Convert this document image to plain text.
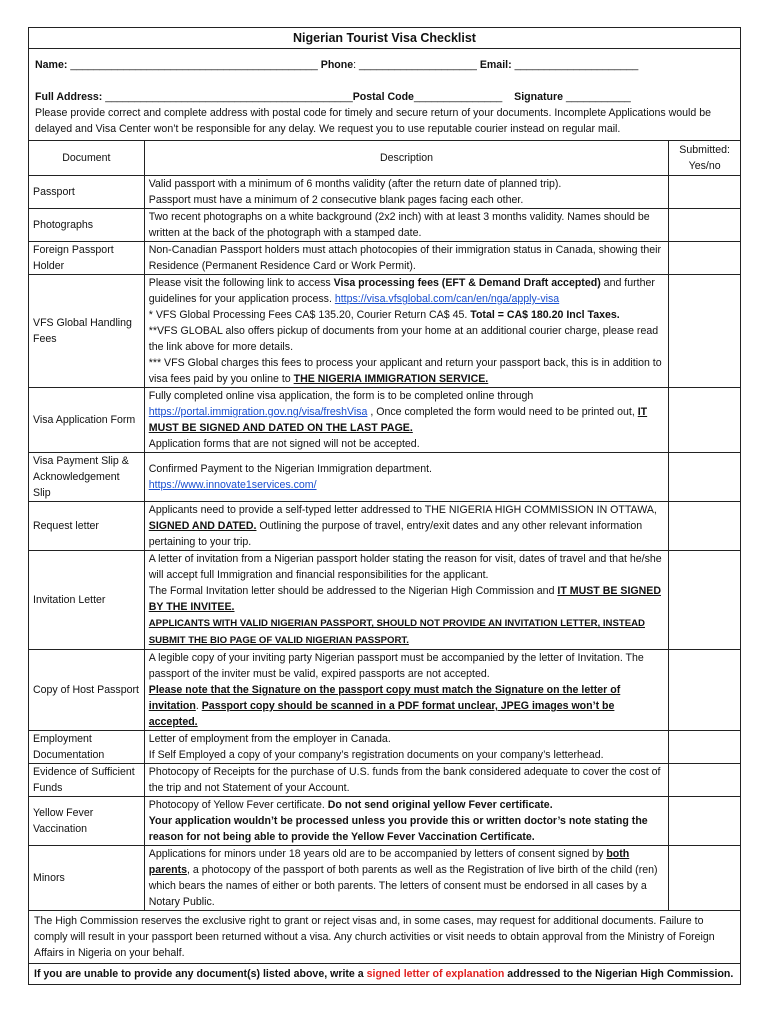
Nigerian Tourist Visa Checklist		

Name: __________________________________________ Phone: ____________________ Email: _____________________
Full Address: __________________________________________Postal Code_______________ Signature ___________
Please provide correct and complete address with postal code for timely and secure return of your documents. Incomplete Applications would be delayed and Visa Center won’t be responsible for any delay. We request you to use reputable courier instead on regular mail.		

Document	Description	Submitted: Yes/no
Passport	Valid passport with a minimum of 6 months validity (after the return date of planned trip).

Passport must have a minimum of 2 consecutive blank pages facing each other.	

Photographs	Two recent photographs on a white background (2x2 inch) with at least 3 months validity. Names should be written at the back of the photograph with a stamped date.	
Foreign Passport Holder	Non-Canadian Passport holders must attach photocopies of their immigration status in Canada, showing their Residence (Permanent Residence Card or Work Permit).	
VFS Global Handling Fees	Please visit the following link to access Visa processing fees (EFT & Demand Draft accepted) and further guidelines for your application process. https://visa.vfsglobal.com/can/en/nga/apply-visa

* VFS Global Processing Fees CA$ 135.20, Courier Return CA$ 45. Total = CA$ 180.20 Incl Taxes.

**VFS GLOBAL also offers pickup of documents from your home at an additional courier charge, please read the link above for more details.

*** VFS Global charges this fees to process your applicant and return your passport back, this is in addition to visa fees paid by you online to THE NIGERIA IMMIGRATION SERVICE.	

Visa Application Form	Fully completed online visa application, the form is to be completed online through

https://portal.immigration.gov.ng/visa/freshVisa , Once completed the form would need to be printed out, IT MUST BE SIGNED AND DATED ON THE LAST PAGE.

Application forms that are not signed will not be accepted.	

Visa Payment Slip & Acknowledgement Slip	Confirmed Payment to the Nigerian Immigration department.

https://www.innovate1services.com/	

Request letter	Applicants need to provide a self-typed letter addressed to THE NIGERIA HIGH COMMISSION IN OTTAWA, SIGNED AND DATED. Outlining the purpose of travel, entry/exit dates and any other relevant information pertaining to your trip.	

Invitation Letter	A letter of invitation from a Nigerian passport holder stating the reason for visit, dates of travel and that he/she will accept full Immigration and financial responsibilities for the applicant.

The Formal Invitation letter should be addressed to the Nigerian High Commission and IT MUST BE SIGNED BY THE INVITEE.

APPLICANTS WITH VALID NIGERIAN PASSPORT, SHOULD NOT PROVIDE AN INVITATION LETTER, INSTEAD SUBMIT THE BIO PAGE OF VALID NIGERIAN PASSPORT.	

Copy of Host Passport	A legible copy of your inviting party Nigerian passport must be accompanied by the letter of Invitation. The passport of the inviter must be valid, expired passports are not accepted.

Please note that the Signature on the passport copy must match the Signature on the letter of invitation. Passport copy should be scanned in a PDF format unclear, JPEG images won’t be accepted.	

Employment Documentation	Letter of employment from the employer in Canada.

If Self Employed a copy of your company’s registration documents on your company’s letterhead.	

Evidence of Sufficient Funds	Photocopy of Receipts for the purchase of U.S. funds from the bank considered adequate to cover the cost of the trip and not Statement of your Account.	
Yellow Fever Vaccination	Photocopy of Yellow Fever certificate. Do not send original yellow Fever certificate.

Your application wouldn’t be processed unless you provide this or written doctor’s note stating the reason for not being able to provide the Yellow Fever Vaccination Certificate.	

Minors	Applications for minors under 18 years old are to be accompanied by letters of consent signed by both parents, a photocopy of the passport of both parents as well as the Registration of live birth of the child (ren) which bears the names of either or both parents. The letters of consent must be endorsed in all cases by a Notary Public.	

The High Commission reserves the exclusive right to grant or reject visas and, in some cases, may request for additional documents. Failure to comply will result in your passport been returned without a visa. Any church activities or visit needs to obtain approval from the Ministry of Foreign Affairs in Nigeria on your behalf.		
If you are unable to provide any document(s) listed above, write a signed letter of explanation addressed to the Nigerian High Commission.		
